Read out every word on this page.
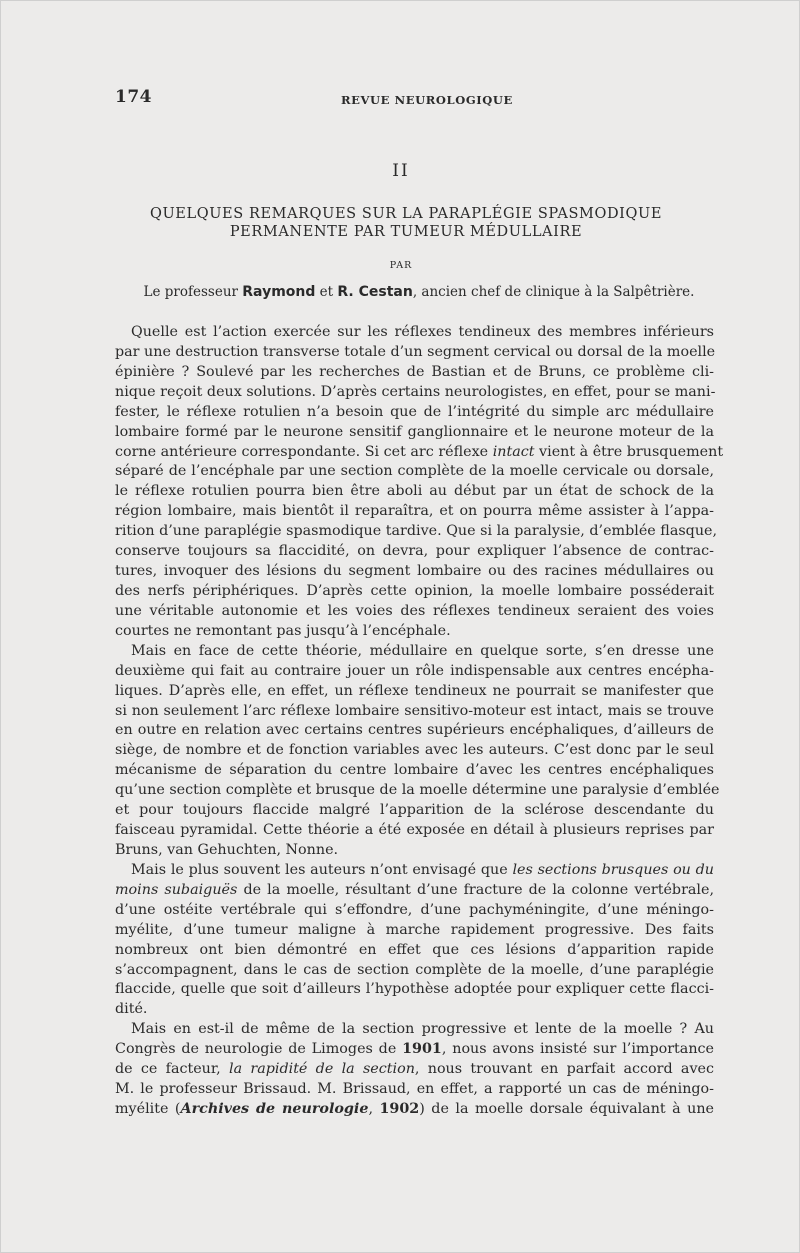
174	REVUE NEUROLOGIQUE
II
QUELQUES REMARQUES SUR LA PARAPLÉGIE SPASMODIQUE
PERMANENTE PAR TUMEUR MÉDULLAIRE
PAR
Le professeur Raymond et R. Cestan, ancien chef de clinique à la Salpêtrière.
Quelle est l’action exercée sur les réflexes tendineux des membres inférieurs
par une destruction transverse totale d’un segment cervical ou dorsal de la moelle
épinière ? Soulevé par les recherches de Bastian et de Bruns, ce problème cli-
nique reçoit deux solutions. D’après certains neurologistes, en effet, pour se mani-
fester, le réflexe rotulien n’a besoin que de l’intégrité du simple arc médullaire
lombaire formé par le neurone sensitif ganglionnaire et le neurone moteur de la
corne antérieure correspondante. Si cet arc réflexe intact vient à être brusquement
séparé de l’encéphale par une section complète de la moelle cervicale ou dorsale,
le réflexe rotulien pourra bien être aboli au début par un état de schock de la
région lombaire, mais bientôt il reparaîtra, et on pourra même assister à l’appa-
rition d’une paraplégie spasmodique tardive. Que si la paralysie, d’emblée flasque,
conserve toujours sa flaccidité, on devra, pour expliquer l’absence de contrac-
tures, invoquer des lésions du segment lombaire ou des racines médullaires ou
des nerfs périphériques. D’après cette opinion, la moelle lombaire posséderait
une véritable autonomie et les voies des réflexes tendineux seraient des voies
courtes ne remontant pas jusqu’à l’encéphale.
Mais en face de cette théorie, médullaire en quelque sorte, s’en dresse une
deuxième qui fait au contraire jouer un rôle indispensable aux centres encépha-
liques. D’après elle, en effet, un réflexe tendineux ne pourrait se manifester que
si non seulement l’arc réflexe lombaire sensitivo-moteur est intact, mais se trouve
en outre en relation avec certains centres supérieurs encéphaliques, d’ailleurs de
siège, de nombre et de fonction variables avec les auteurs. C’est donc par le seul
mécanisme de séparation du centre lombaire d’avec les centres encéphaliques
qu’une section complète et brusque de la moelle détermine une paralysie d’emblée
et pour toujours flaccide malgré l’apparition de la sclérose descendante du
faisceau pyramidal. Cette théorie a été exposée en détail à plusieurs reprises par
Bruns, van Gehuchten, Nonne.
Mais le plus souvent les auteurs n’ont envisagé que les sections brusques ou du
moins subaiguës de la moelle, résultant d’une fracture de la colonne vertébrale,
d’une ostéite vertébrale qui s’effondre, d’une pachyméningite, d’une méningo-
myélite, d’une tumeur maligne à marche rapidement progressive. Des faits
nombreux ont bien démontré en effet que ces lésions d’apparition rapide
s’accompagnent, dans le cas de section complète de la moelle, d’une paraplégie
flaccide, quelle que soit d’ailleurs l’hypothèse adoptée pour expliquer cette flacci-
dité.
Mais en est-il de même de la section progressive et lente de la moelle ? Au
Congrès de neurologie de Limoges de 1901, nous avons insisté sur l’importance
de ce facteur, la rapidité de la section, nous trouvant en parfait accord avec
M. le professeur Brissaud. M. Brissaud, en effet, a rapporté un cas de méningo-
myélite (Archives de neurologie, 1902) de la moelle dorsale équivalant à une
